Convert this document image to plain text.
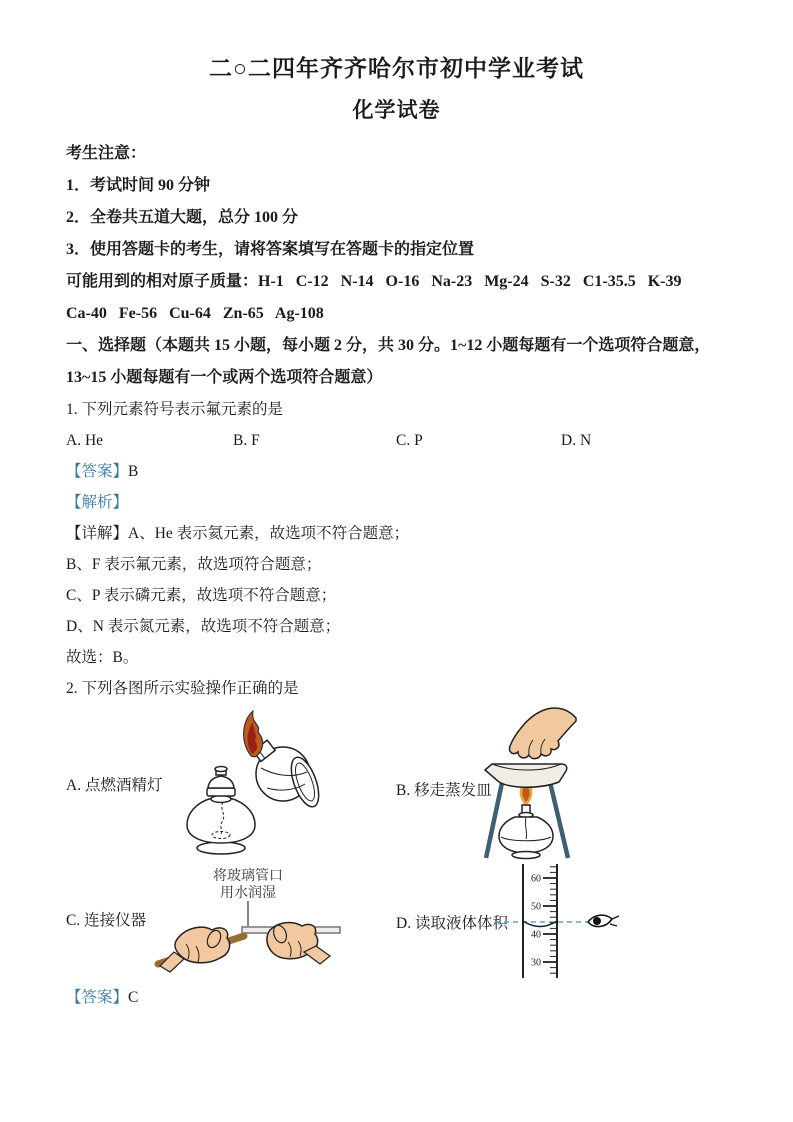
二○二四年齐齐哈尔市初中学业考试
化学试卷
考生注意：
1．考试时间 90 分钟
2．全卷共五道大题，总分 100 分
3．使用答题卡的考生，请将答案填写在答题卡的指定位置
可能用到的相对原子质量：H-1   C-12   N-14   O-16   Na-23   Mg-24   S-32   C1-35.5   K-39
Ca-40   Fe-56   Cu-64   Zn-65   Ag-108
一、选择题（本题共 15 小题，每小题 2 分，共 30 分。1~12 小题每题有一个选项符合题意，
13~15 小题每题有一个或两个选项符合题意）
1. 下列元素符号表示氟元素的是

A. He

	B. F

	C. P

	D. N

【答案】B
【解析】
【详解】A、He 表示氦元素，故选项不符合题意；
B、F 表示氟元素，故选项符合题意；
C、P 表示磷元素，故选项不符合题意；
D、N 表示氮元素，故选项不符合题意；
故选：B。
2. 下列各图所示实验操作正确的是
A. 点燃酒精灯	B. 移走蒸发皿
C. 连接仪器
将玻璃管口
用水润湿
D. 读取液体体积
60
50
40
30
【答案】C
